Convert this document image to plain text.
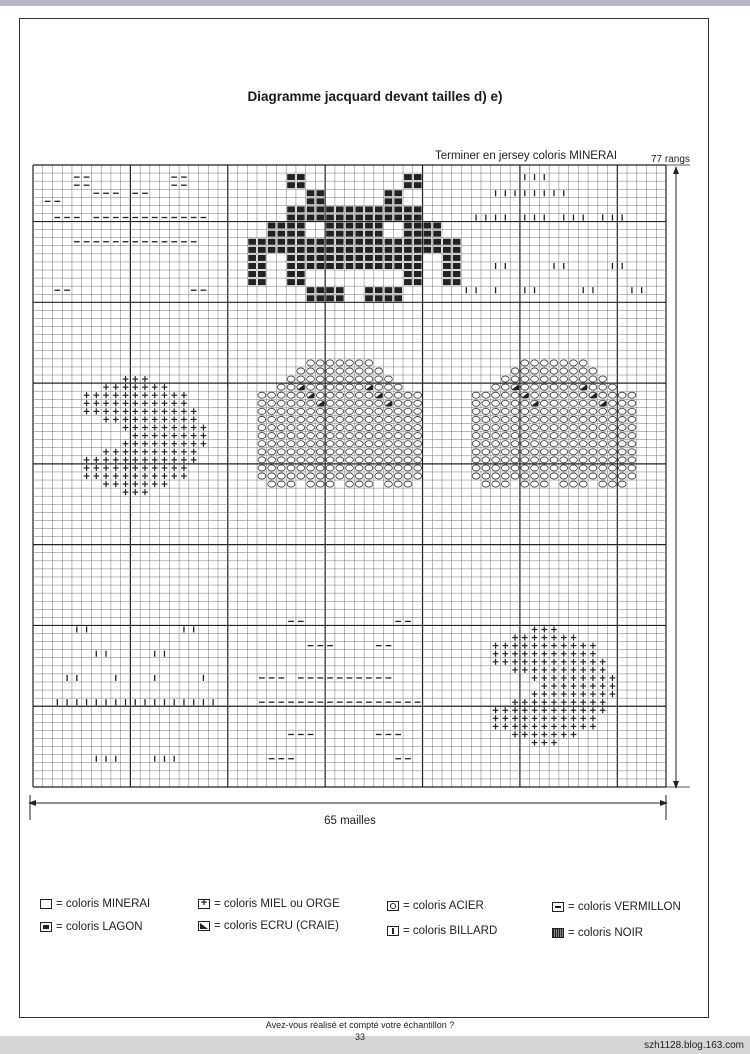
Diagramme jacquard devant tailles d) e)
Terminer en jersey coloris MINERAI	77 rangs
65 mailles
= coloris MINERAI
= coloris LAGON
+
= coloris MIEL ou ORGE
= coloris ECRU (CRAIE)
= coloris ACIER
= coloris BILLARD
= coloris VERMILLON
= coloris NOIR
Avez-vous réalisé et compté votre échantillon ?
33
szh1128.blog.163.com
